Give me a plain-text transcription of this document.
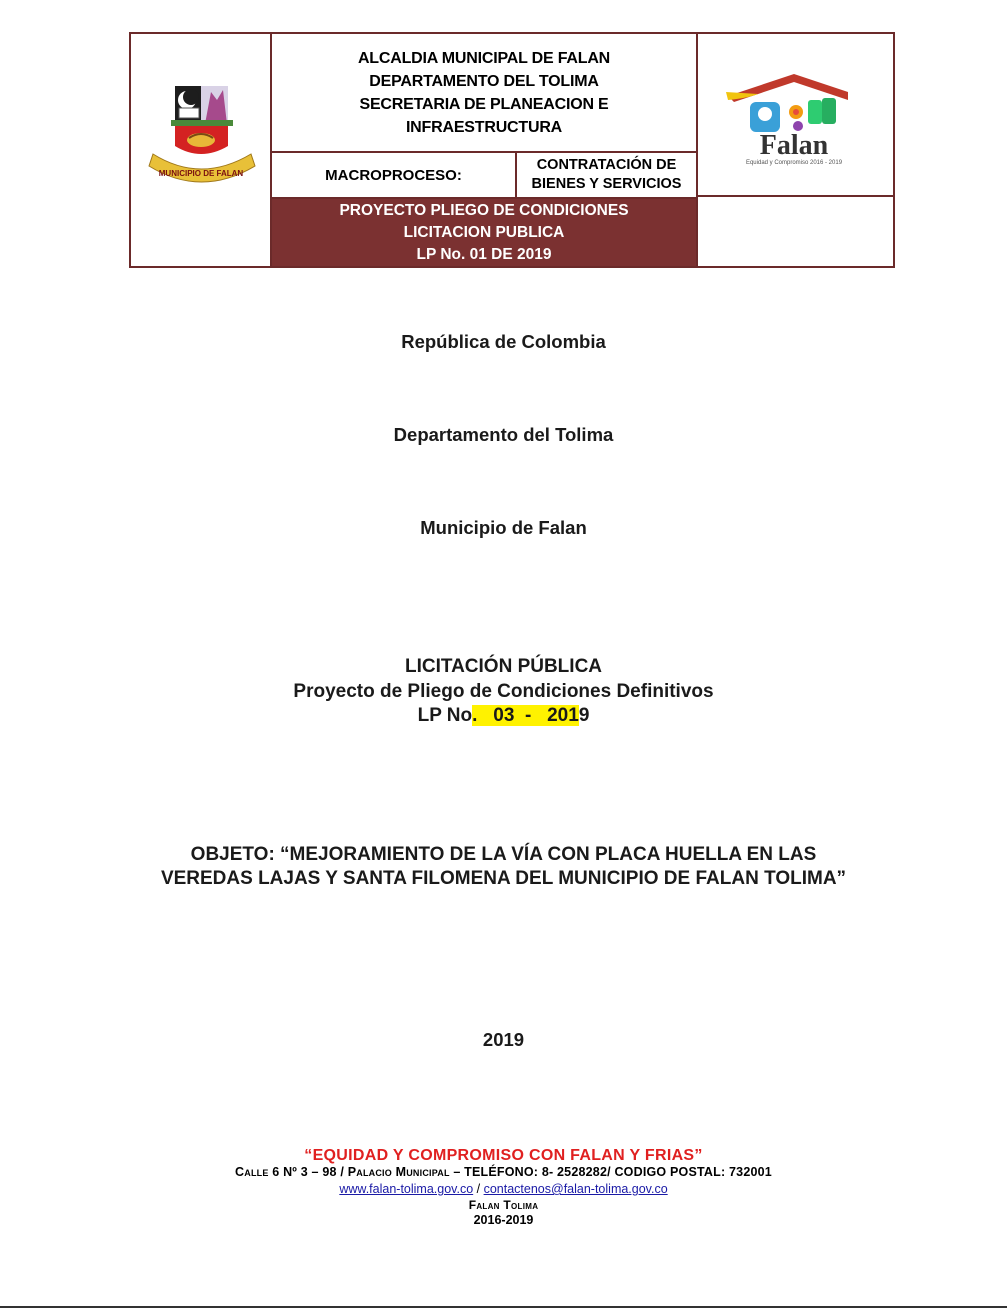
MUNICIPIO DE FALAN
ALCALDIA MUNICIPAL DE FALAN
DEPARTAMENTO DEL TOLIMA
SECRETARIA DE PLANEACION E
INFRAESTRUCTURA
MACROPROCESO:
CONTRATACIÓN DE
BIENES Y SERVICIOS
PROYECTO PLIEGO DE CONDICIONES
LICITACION PUBLICA
LP No. 01 DE 2019
Falan
Equidad y Compromiso 2016 - 2019
República de Colombia
Departamento del Tolima
Municipio de Falan
LICITACIÓN PÚBLICA
Proyecto de Pliego de Condiciones Definitivos
LP No.   03  -   2019
OBJETO: “MEJORAMIENTO DE LA VÍA CON PLACA HUELLA EN LAS
VEREDAS LAJAS Y SANTA FILOMENA DEL MUNICIPIO DE FALAN TOLIMA”
2019
“EQUIDAD Y COMPROMISO CON FALAN Y FRIAS”
Calle 6 Nº 3 – 98 / Palacio Municipal – TELÉFONO: 8- 2528282/ CODIGO POSTAL: 732001
www.falan-tolima.gov.co / contactenos@falan-tolima.gov.co
Falan Tolima
2016-2019
